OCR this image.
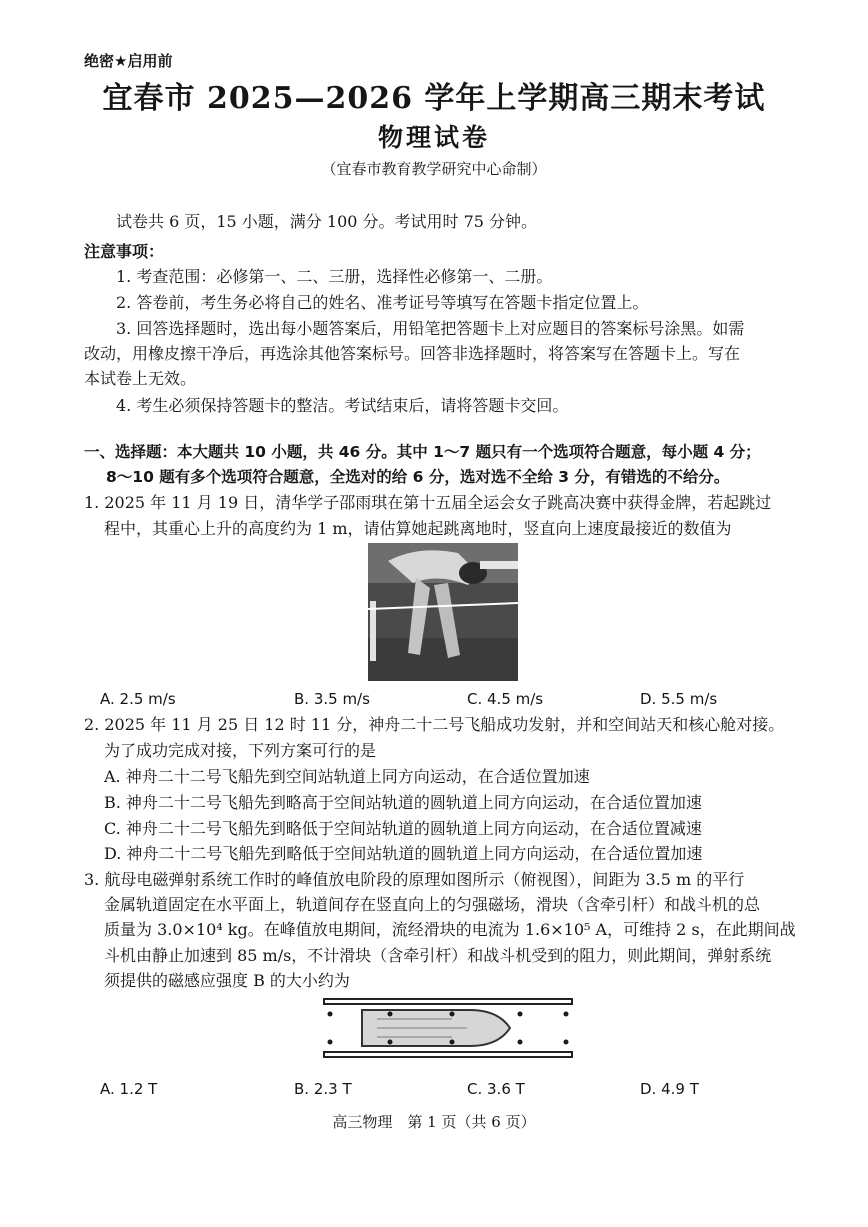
绝密★启用前
宜春市 2025—2026 学年上学期高三期末考试
物理试卷
（宜春市教育教学研究中心命制）
试卷共 6 页，15 小题，满分 100 分。考试用时 75 分钟。
注意事项：
1. 考查范围：必修第一、二、三册，选择性必修第一、二册。
2. 答卷前，考生务必将自己的姓名、准考证号等填写在答题卡指定位置上。
3. 回答选择题时，选出每小题答案后，用铅笔把答题卡上对应题目的答案标号涂黑。如需
改动，用橡皮擦干净后，再选涂其他答案标号。回答非选择题时，将答案写在答题卡上。写在
本试卷上无效。
4. 考生必须保持答题卡的整洁。考试结束后，请将答题卡交回。
一、选择题：本大题共 10 小题，共 46 分。其中 1～7 题只有一个选项符合题意，每小题 4 分；
8～10 题有多个选项符合题意，全选对的给 6 分，选对选不全给 3 分，有错选的不给分。
1. 2025 年 11 月 19 日，清华学子邵雨琪在第十五届全运会女子跳高决赛中获得金牌，若起跳过
程中，其重心上升的高度约为 1 m，请估算她起跳离地时，竖直向上速度最接近的数值为
A. 2.5 m/s	B. 3.5 m/s	C. 4.5 m/s	D. 5.5 m/s
2. 2025 年 11 月 25 日 12 时 11 分，神舟二十二号飞船成功发射，并和空间站天和核心舱对接。
为了成功完成对接，下列方案可行的是
A. 神舟二十二号飞船先到空间站轨道上同方向运动，在合适位置加速
B. 神舟二十二号飞船先到略高于空间站轨道的圆轨道上同方向运动，在合适位置加速
C. 神舟二十二号飞船先到略低于空间站轨道的圆轨道上同方向运动，在合适位置减速
D. 神舟二十二号飞船先到略低于空间站轨道的圆轨道上同方向运动，在合适位置加速
3. 航母电磁弹射系统工作时的峰值放电阶段的原理如图所示（俯视图），间距为 3.5 m 的平行
金属轨道固定在水平面上，轨道间存在竖直向上的匀强磁场，滑块（含牵引杆）和战斗机的总
质量为 3.0×10⁴ kg。在峰值放电期间，流经滑块的电流为 1.6×10⁵ A，可维持 2 s，在此期间战
斗机由静止加速到 85 m/s，不计滑块（含牵引杆）和战斗机受到的阻力，则此期间，弹射系统
须提供的磁感应强度 B 的大小约为
A. 1.2 T	B. 2.3 T	C. 3.6 T	D. 4.9 T
高三物理　第 1 页（共 6 页）
